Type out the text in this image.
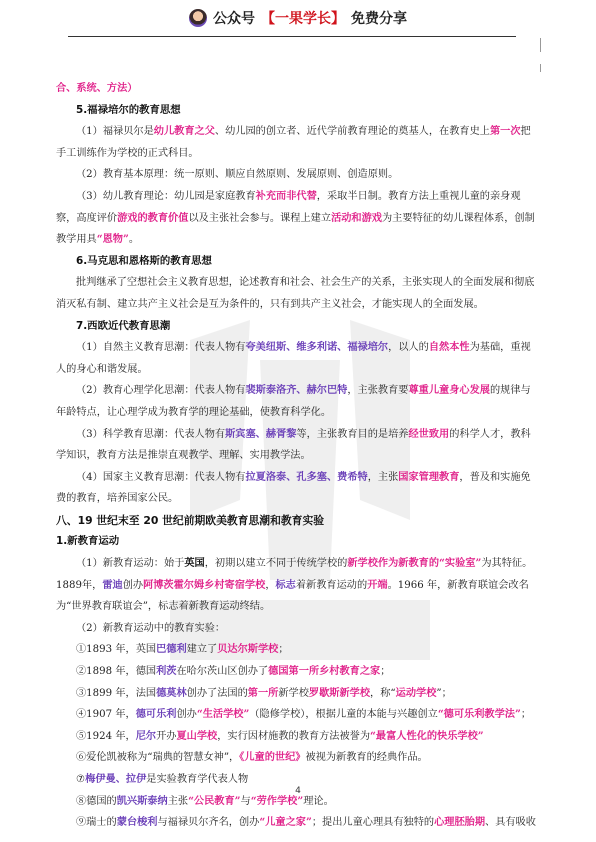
公众号 【一果学长】 免费分享

合、系统、方法）

5.福禄培尔的教育思想

（1）福禄贝尔是幼儿教育之父、幼儿园的创立者、近代学前教育理论的奠基人，在教育史上第一次把手工训练作为学校的正式科目。

（2）教育基本原理：统一原则、顺应自然原则、发展原则、创造原则。

（3）幼儿教育理论：幼儿园是家庭教育补充而非代替，采取半日制。教育方法上重视儿童的亲身观察，高度评价游戏的教育价值以及主张社会参与。课程上建立活动和游戏为主要特征的幼儿课程体系，创制教学用具“恩物”。

6.马克思和恩格斯的教育思想

批判继承了空想社会主义教育思想，论述教育和社会、社会生产的关系，主张实现人的全面发展和彻底消灭私有制、建立共产主义社会是互为条件的，只有到共产主义社会，才能实现人的全面发展。

7.西欧近代教育思潮

（1）自然主义教育思潮：代表人物有夸美纽斯、维多利诺、福禄培尔，以人的自然本性为基础，重视人的身心和谐发展。

（2）教育心理学化思潮：代表人物有裴斯泰洛齐、赫尔巴特，主张教育要尊重儿童身心发展的规律与年龄特点，让心理学成为教育学的理论基础，使教育科学化。

（3）科学教育思潮：代表人物有斯宾塞、赫胥黎等，主张教育目的是培养经世致用的科学人才，教科学知识，教育方法是推崇直观教学、理解、实用教学法。

（4）国家主义教育思潮：代表人物有拉夏洛泰、孔多塞、费希特，主张国家管理教育，普及和实施免费的教育，培养国家公民。

八、19 世纪末至 20 世纪前期欧美教育思潮和教育实验

1.新教育运动

（1）新教育运动：始于英国，初期以建立不同于传统学校的新学校作为新教育的“实验室”为其特征。1889年，雷迪创办阿博茨霍尔姆乡村寄宿学校，标志着新教育运动的开端。1966 年，新教育联谊会改名为“世界教育联谊会”，标志着新教育运动终结。

（2）新教育运动中的教育实验：

①1893 年，英国巴德利建立了贝达尔斯学校；

②1898 年，德国利茨在哈尔茨山区创办了德国第一所乡村教育之家；

③1899 年，法国德莫林创办了法国的第一所新学校罗歇斯新学校，称“运动学校”；

④1907 年，德可乐利创办“生活学校”（隐修学校），根据儿童的本能与兴趣创立“德可乐利教学法”；

⑤1924 年，尼尔开办夏山学校，实行因材施教的教育方法被誉为“最富人性化的快乐学校”

⑥爱伦凯被称为“瑞典的智慧女神”，《儿童的世纪》被视为新教育的经典作品。

⑦梅伊曼、拉伊是实验教育学代表人物

⑧德国的凯兴斯泰纳主张“公民教育”与“劳作学校”理论。

⑨瑞士的蒙台梭利与福禄贝尔齐名，创办“儿童之家”；提出儿童心理具有独特的心理胚胎期、具有吸收

4
